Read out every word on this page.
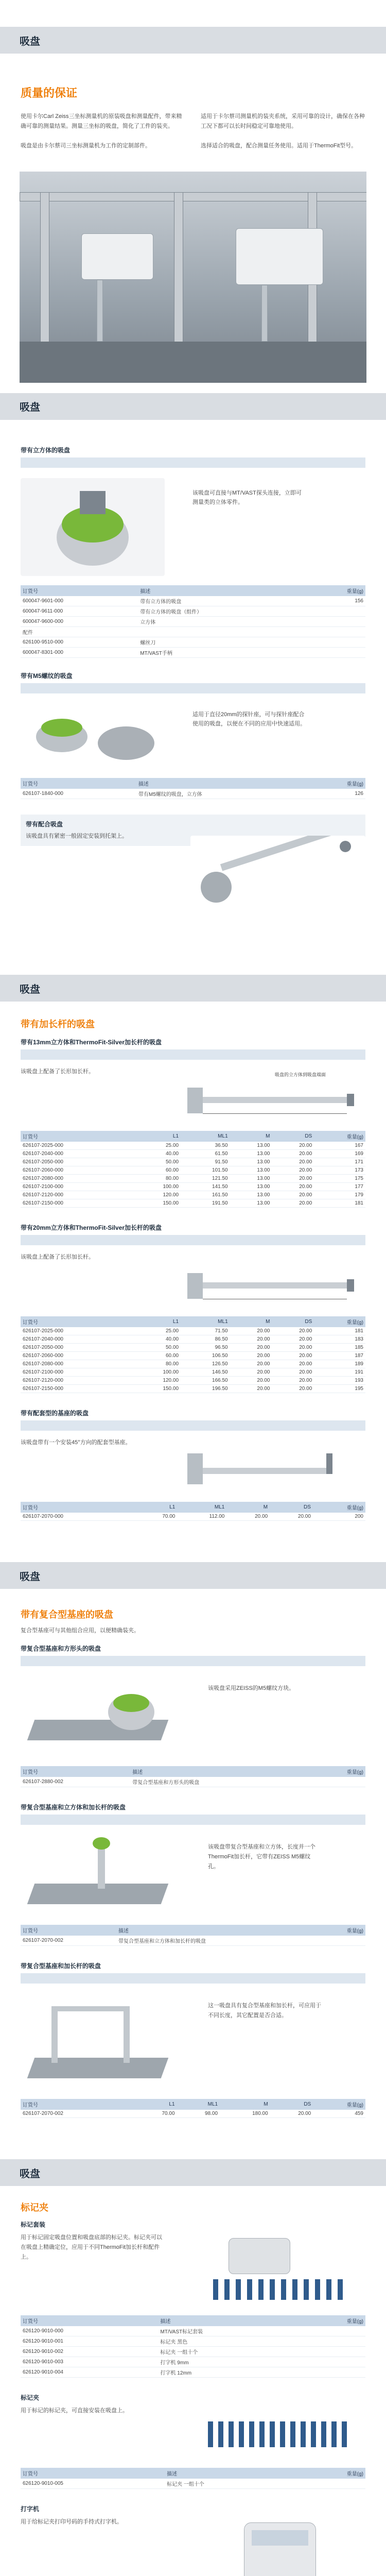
吸盘
质量的保证

使用卡尔Carl Zeiss三坐标测量机的原装吸盘和测量配件，带来精确可靠的测量结果。测量三坐标的吸盘，简化了工件的装夹。

吸盘是由卡尔蔡司三坐标测量机为工作的定制部件。

适用于卡尔蔡司测量机的装夹系统，采用可靠的设计，确保在各种工况下都可以长时间稳定可靠地使用。

选择适合的吸盘，配合测量任务使用。适用于ThermoFit型号。

吸盘
带有立方体的吸盘
该吸盘可直接与MT/VAST探头连接，立即可测量类的立体零件。
订货号	描述	重量(g)
600047-9601-000	带有立方体的吸盘	156
600047-9611-000	带有立方体的吸盘（组件）	
600047-9600-000	立方体	
配件		
626100-9510-000	螺丝刀	
600047-8301-000	MT/VAST手柄	
带有M5螺纹的吸盘
适用于直径20mm的探针座，可与探针座配合使用的吸盘，以便在不同的应用中快速适用。
订货号	描述	重量(g)
626107-1840-000	带有M5螺纹的吸盘，立方体	126
带有配合吸盘
该吸盘具有紧密一般固定安装到托架上。
吸盘
带有加长杆的吸盘
带有13mm立方体和ThermoFit-Silver加长杆的吸盘
该吸盘上配备了长形加长杆。	吸盘的立方体到吸盘端面
订货号	L1	ML1	M	DS	重量(g)
626107-2025-000	25.00	36.50	13.00	20.00	167
626107-2040-000	40.00	61.50	13.00	20.00	169
626107-2050-000	50.00	91.50	13.00	20.00	171
626107-2060-000	60.00	101.50	13.00	20.00	173
626107-2080-000	80.00	121.50	13.00	20.00	175
626107-2100-000	100.00	141.50	13.00	20.00	177
626107-2120-000	120.00	161.50	13.00	20.00	179
626107-2150-000	150.00	191.50	13.00	20.00	181
带有20mm立方体和ThermoFit-Silver加长杆的吸盘
该吸盘上配备了长形加长杆。
订货号	L1	ML1	M	DS	重量(g)
626107-2025-000	25.00	71.50	20.00	20.00	181
626107-2040-000	40.00	86.50	20.00	20.00	183
626107-2050-000	50.00	96.50	20.00	20.00	185
626107-2060-000	60.00	106.50	20.00	20.00	187
626107-2080-000	80.00	126.50	20.00	20.00	189
626107-2100-000	100.00	146.50	20.00	20.00	191
626107-2120-000	120.00	166.50	20.00	20.00	193
626107-2150-000	150.00	196.50	20.00	20.00	195
带有配套型的基座的吸盘
该吸盘带有一个安装45°方向的配套型基座。
订货号	L1	ML1	M	DS	重量(g)
626107-2070-000	70.00	112.00	20.00	20.00	200
吸盘
带有复合型基座的吸盘
复合型基座可与其他组合应用，以便精确装夹。
带复合型基座和方形头的吸盘
该吸盘采用ZEISS的M5螺纹方块。
订货号	描述		重量(g)
626107-2880-002	带复合型基座和方形头的吸盘		
带复合型基座和立方体和加长杆的吸盘
该吸盘带复合型基座和立方体，长度并一个ThermoFit加长杆，它带有ZEISS M5螺纹孔。
订货号	描述		重量(g)
626107-2070-002	带复合型基座和立方体和加长杆的吸盘		
带复合型基座和加长杆的吸盘
这一吸盘具有复合型基座和加长杆，可应用于不同长度，其它配置是否合适。
订货号	L1	ML1	M	DS	重量(g)
626107-2070-002	70.00	98.00	180.00	20.00	459
吸盘
标记夹
标记套装
用于标记固定吸盘位置和吸盘底部的标记夹。标记夹可以在吸盘上精确定位，应用于不同ThermoFit加长杆和配件上。
订货号	描述	重量(g)
626120-9010-000	MT/VAST标记套装	
626120-9010-001	标记夹 黑色	
626120-9010-002	标记夹 一组十个	
626120-9010-003	打字机 9mm	
626120-9010-004	打字机 12mm	
标记夹
用于标记的标记夹，可直接安装在吸盘上。
订货号	描述	重量(g)
626120-9010-005	标记夹 一组十个	
打字机
用于给标记夹打印号码的手持式打字机。
